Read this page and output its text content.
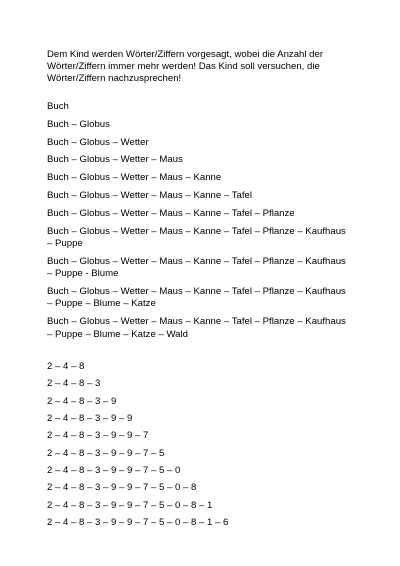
Dem Kind werden Wörter/Ziffern vorgesagt, wobei die Anzahl der Wörter/Ziffern immer mehr werden! Das Kind soll versuchen, die Wörter/Ziffern nachzusprechen!

Buch
Buch – Globus
Buch – Globus – Wetter
Buch – Globus – Wetter – Maus
Buch – Globus – Wetter – Maus – Kanne
Buch – Globus – Wetter – Maus – Kanne – Tafel
Buch – Globus – Wetter – Maus – Kanne – Tafel – Pflanze
Buch – Globus – Wetter – Maus – Kanne – Tafel – Pflanze – Kaufhaus – Puppe
Buch – Globus – Wetter – Maus – Kanne – Tafel – Pflanze – Kaufhaus – Puppe - Blume
Buch – Globus – Wetter – Maus – Kanne – Tafel – Pflanze – Kaufhaus – Puppe – Blume – Katze
Buch – Globus – Wetter – Maus – Kanne – Tafel – Pflanze – Kaufhaus – Puppe – Blume – Katze – Wald
2 – 4 – 8
2 – 4 – 8 – 3
2 – 4 – 8 – 3 – 9
2 – 4 – 8 – 3 – 9 – 9
2 – 4 – 8 – 3 – 9 – 9 – 7
2 – 4 – 8 – 3 – 9 – 9 – 7 – 5
2 – 4 – 8 – 3 – 9 – 9 – 7 – 5 – 0
2 – 4 – 8 – 3 – 9 – 9 – 7 – 5 – 0 – 8
2 – 4 – 8 – 3 – 9 – 9 – 7 – 5 – 0 – 8 – 1
2 – 4 – 8 – 3 – 9 – 9 – 7 – 5 – 0 – 8 – 1 – 6
